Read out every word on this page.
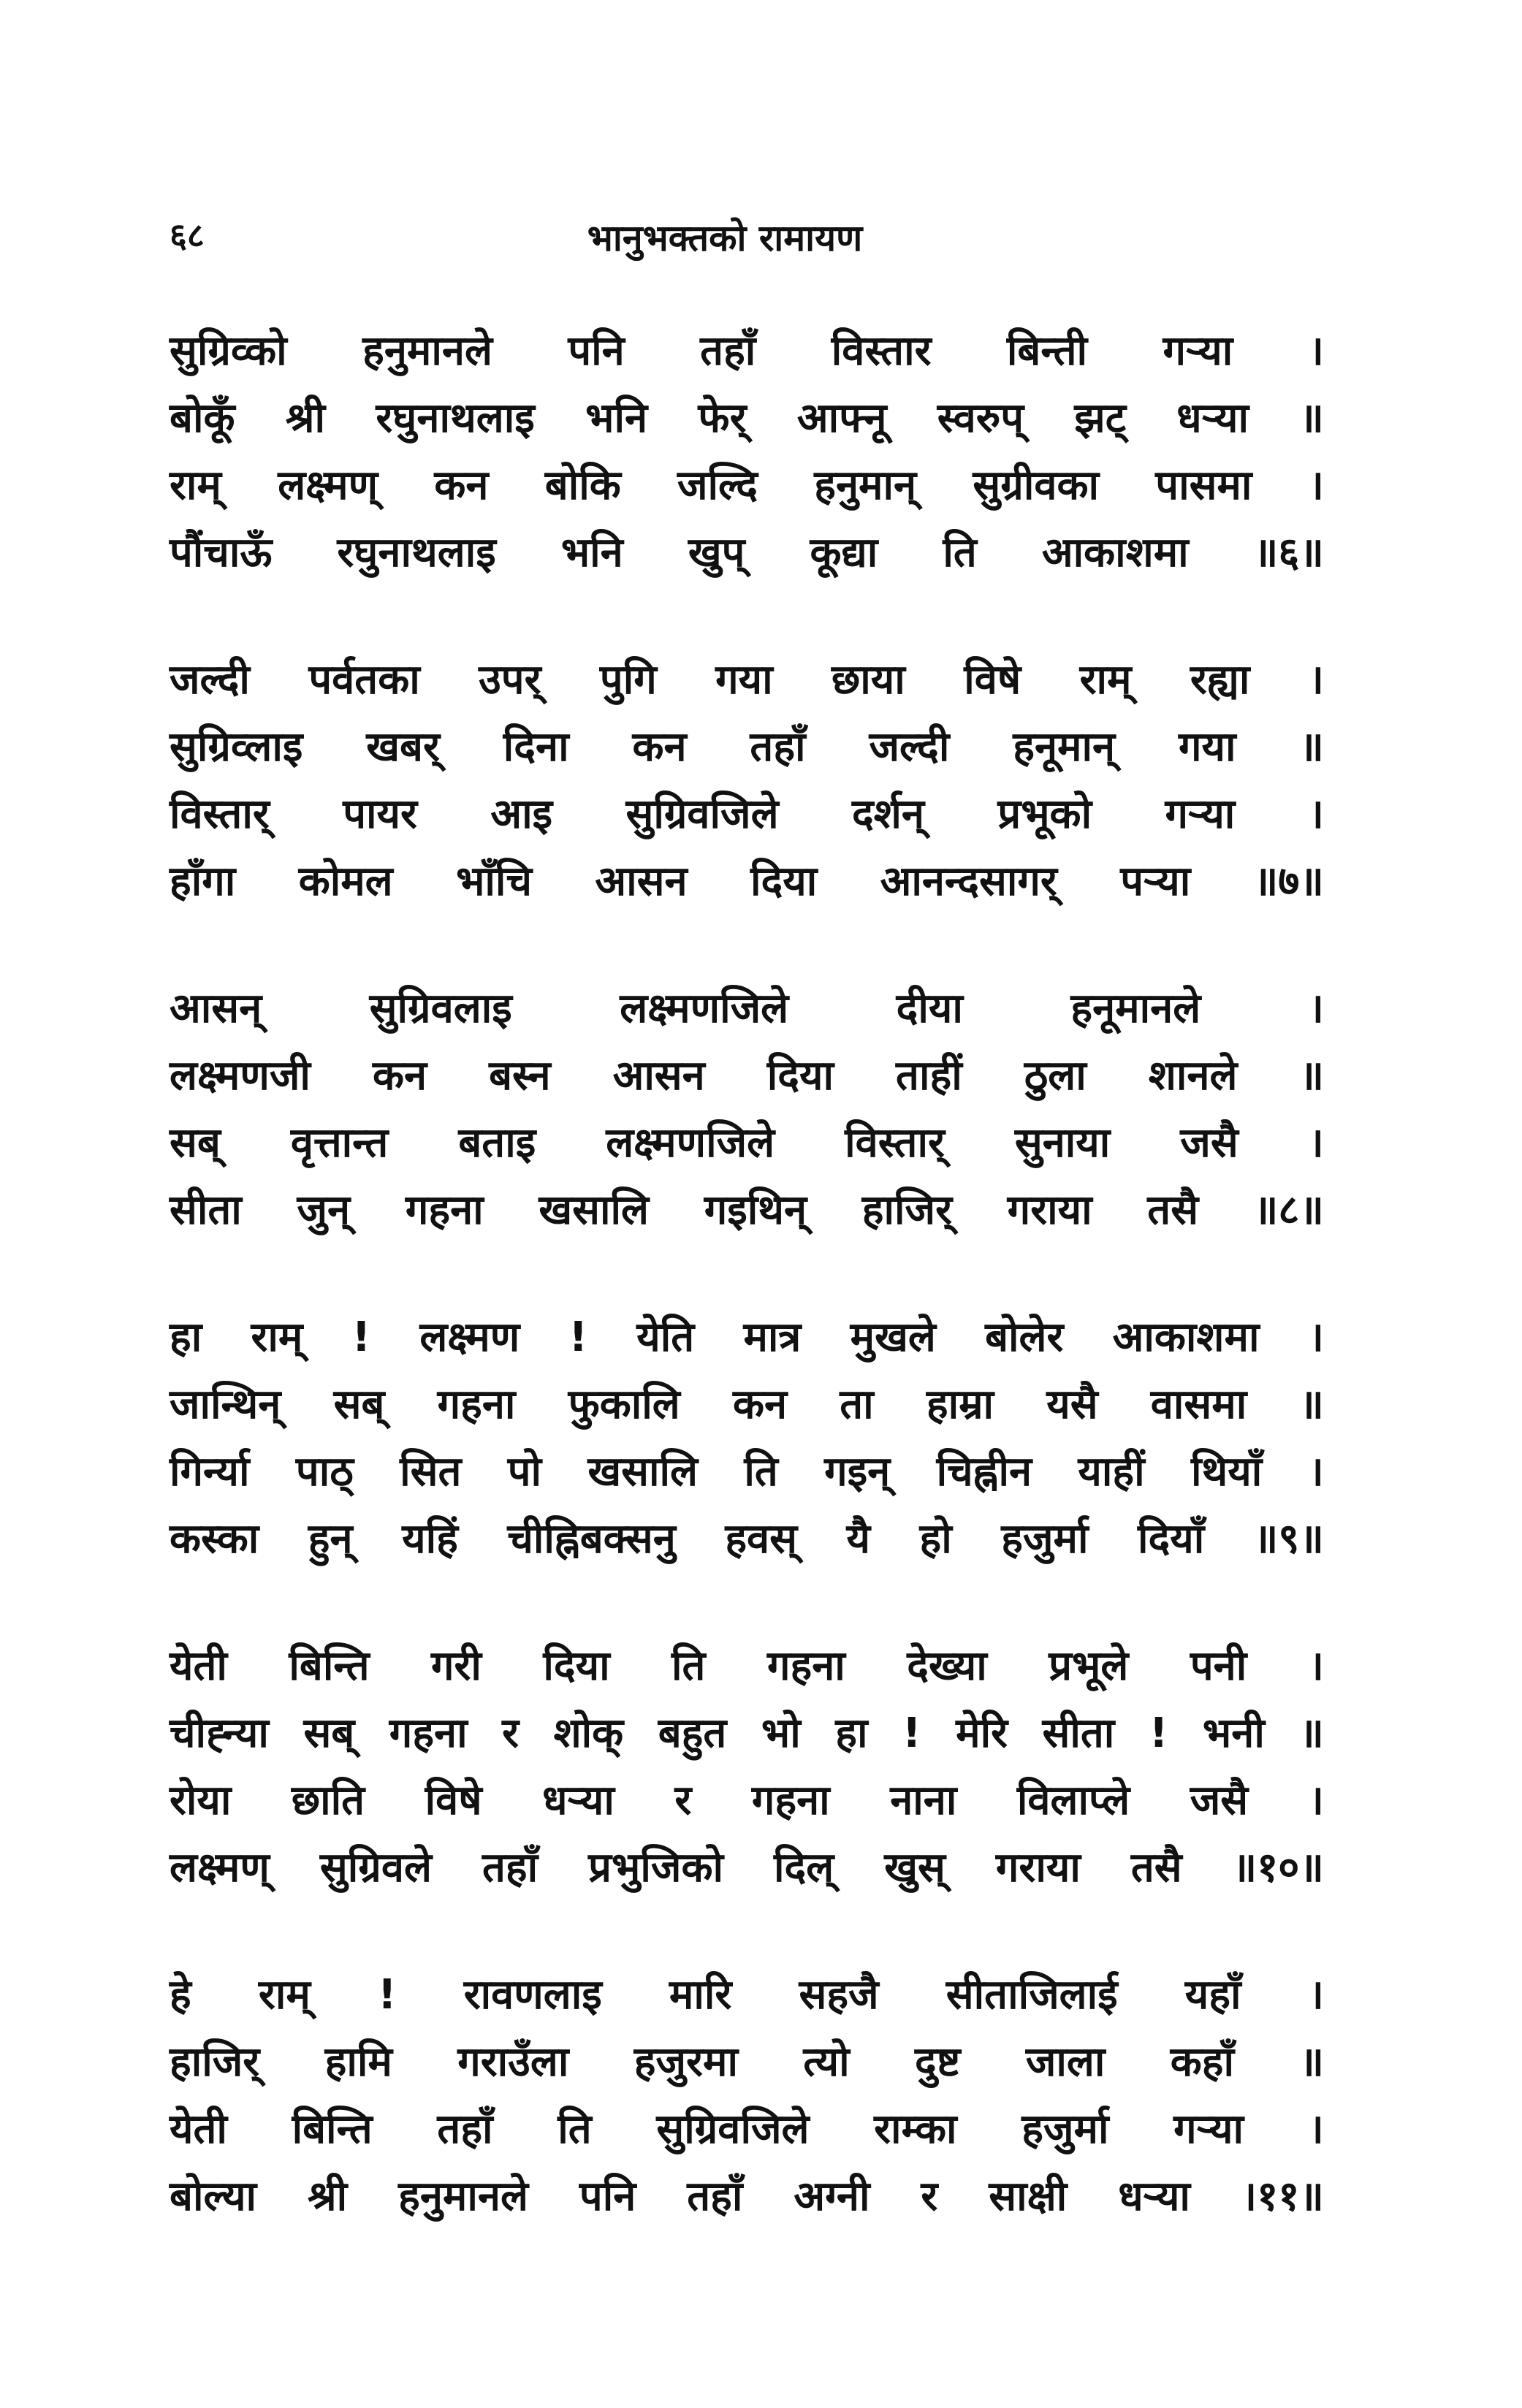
६८	भानुभक्तको रामायण
सुग्रिव्को हनुमानले पनि तहाँ विस्तार बिन्ती गऱ्या ।
बोकूँ श्री रघुनाथलाइ भनि फेर् आफ्नू स्वरुप् झट् धऱ्या ॥
राम् लक्ष्मण् कन बोकि जल्दि हनुमान् सुग्रीवका पासमा ।
पौंचाऊँ रघुनाथलाइ भनि खुप् कूद्या ति आकाशमा ॥६॥
जल्दी पर्वतका उपर् पुगि गया छाया विषे राम् रह्या ।
सुग्रिव्लाइ खबर् दिना कन तहाँ जल्दी हनूमान् गया ॥
विस्तार् पायर आइ सुग्रिवजिले दर्शन् प्रभूको गऱ्या ।
हाँगा कोमल भाँचि आसन दिया आनन्दसागर् पऱ्या ॥७॥
आसन्	सुग्रिवलाइ	लक्ष्मणजिले	दीया	हनूमानले	।
लक्ष्मणजी कन बस्न आसन दिया ताहीं ठुला शानले ॥
सब् वृत्तान्त बताइ लक्ष्मणजिले विस्तार् सुनाया जसै ।
सीता जुन् गहना खसालि गइथिन् हाजिर् गराया तसै ॥८॥
हा राम् ! लक्ष्मण ! येति मात्र मुखले बोलेर आकाशमा ।
जान्थिन् सब् गहना फुकालि कन ता हाम्रा यसै वासमा ॥
गिर्न्या पाठ् सित पो खसालि ति गइन् चिह्नीन याहीं थियाँ ।
कस्का हुन् यहिं चीह्निबक्सनु हवस् यै हो हजुर्मा दियाँ ॥९॥
येती बिन्ति गरी दिया ति गहना देख्या प्रभूले पनी ।
चीह्न्या सब् गहना र शोक् बहुत भो हा ! मेरि सीता ! भनी ॥
रोया छाति विषे धऱ्या र गहना नाना विलाप्ले जसै ।
लक्ष्मण् सुग्रिवले तहाँ प्रभुजिको दिल् खुस् गराया तसै ॥१०॥
हे राम् ! रावणलाइ मारि सहजै सीताजिलाई यहाँ ।
हाजिर् हामि गराउँला हजुरमा त्यो दुष्ट जाला कहाँ ॥
येती बिन्ति तहाँ ति सुग्रिवजिले राम्का हजुर्मा गऱ्या ।
बोल्या श्री हनुमानले पनि तहाँ अग्नी र साक्षी धऱ्या ।११॥
